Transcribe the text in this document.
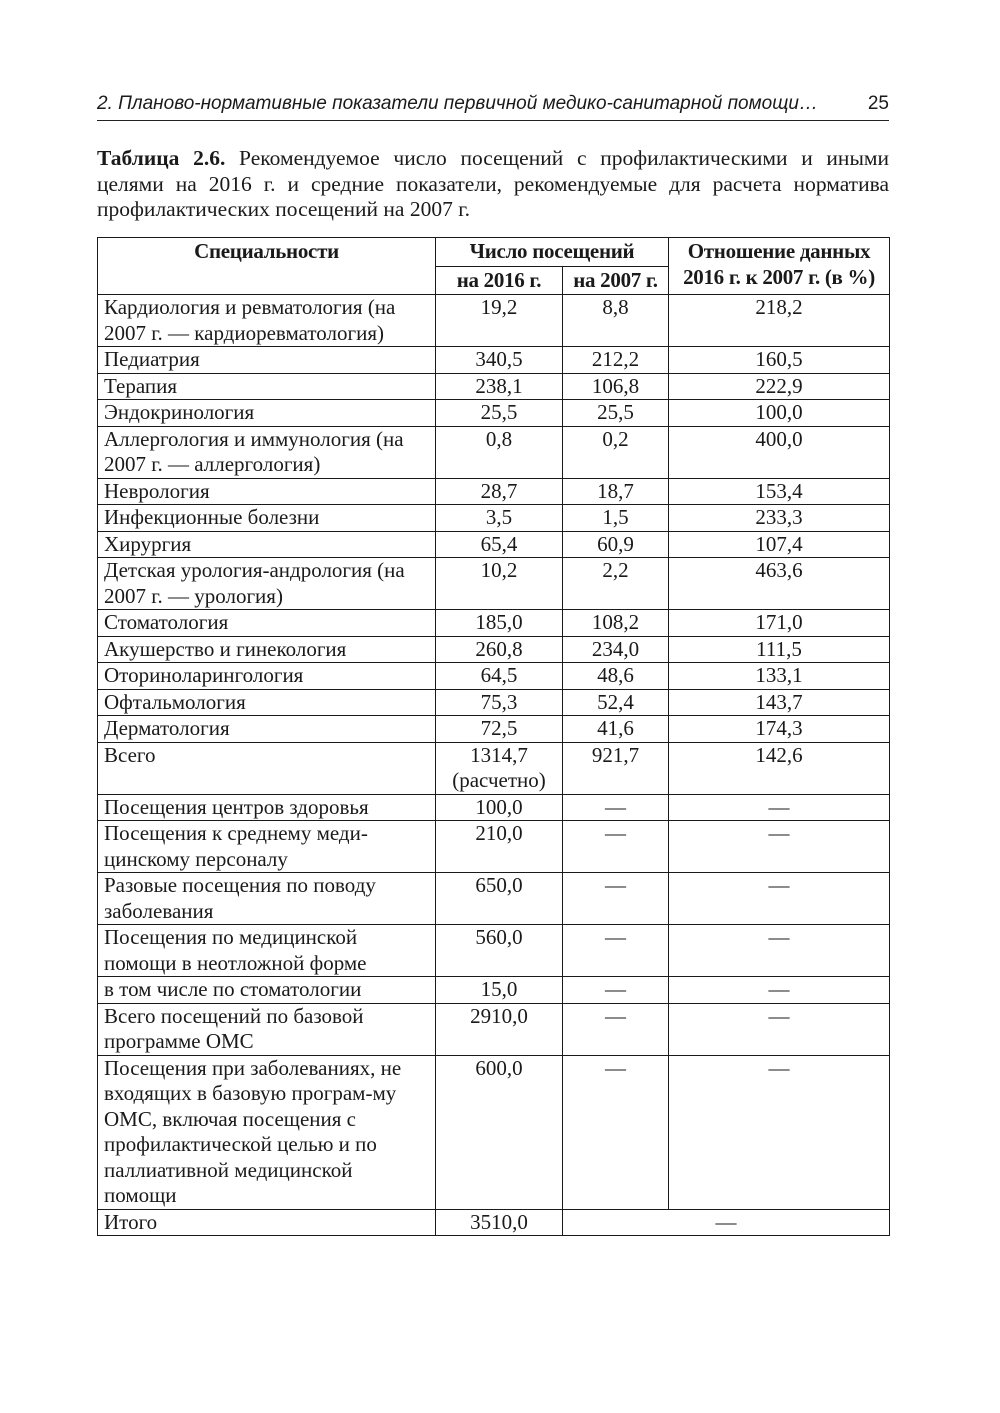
2. Планово-нормативные показатели первичной медико-санитарной помощи…	25
Таблица 2.6. Рекомендуемое число посещений с профилактическими и иными целями на 2016 г. и средние показатели, рекомендуемые для расчета норматива профилактических посещений на 2007 г.
Специальности	Число посещений		Отношение данных 2016 г. к 2007 г. (в %)
	на 2016 г.	на 2007 г.	
Кардиология и ревматология (на 2007 г. — кардиоревматология)	19,2	8,8	218,2
Педиатрия	340,5	212,2	160,5
Терапия	238,1	106,8	222,9
Эндокринология	25,5	25,5	100,0
Аллергология и иммунология (на 2007 г. — аллергология)	0,8	0,2	400,0
Неврология	28,7	18,7	153,4
Инфекционные болезни	3,5	1,5	233,3
Хирургия	65,4	60,9	107,4
Детская урология-андрология (на 2007 г. — урология)	10,2	2,2	463,6
Стоматология	185,0	108,2	171,0
Акушерство и гинекология	260,8	234,0	111,5
Оториноларингология	64,5	48,6	133,1
Офтальмология	75,3	52,4	143,7
Дерматология	72,5	41,6	174,3
Всего	1314,7 (расчетно)	921,7	142,6
Посещения центров здоровья	100,0	—	—
Посещения к среднему меди-цинскому персоналу	210,0	—	—
Разовые посещения по поводу заболевания	650,0	—	—
Посещения по медицинской помощи в неотложной форме	560,0	—	—
в том числе по стоматологии	15,0	—	—
Всего посещений по базовой программе ОМС	2910,0	—	—
Посещения при заболеваниях, не входящих в базовую програм-му ОМС, включая посещения с профилактической целью и по паллиативной медицинской помощи	600,0	—	—
Итого	3510,0	—	
